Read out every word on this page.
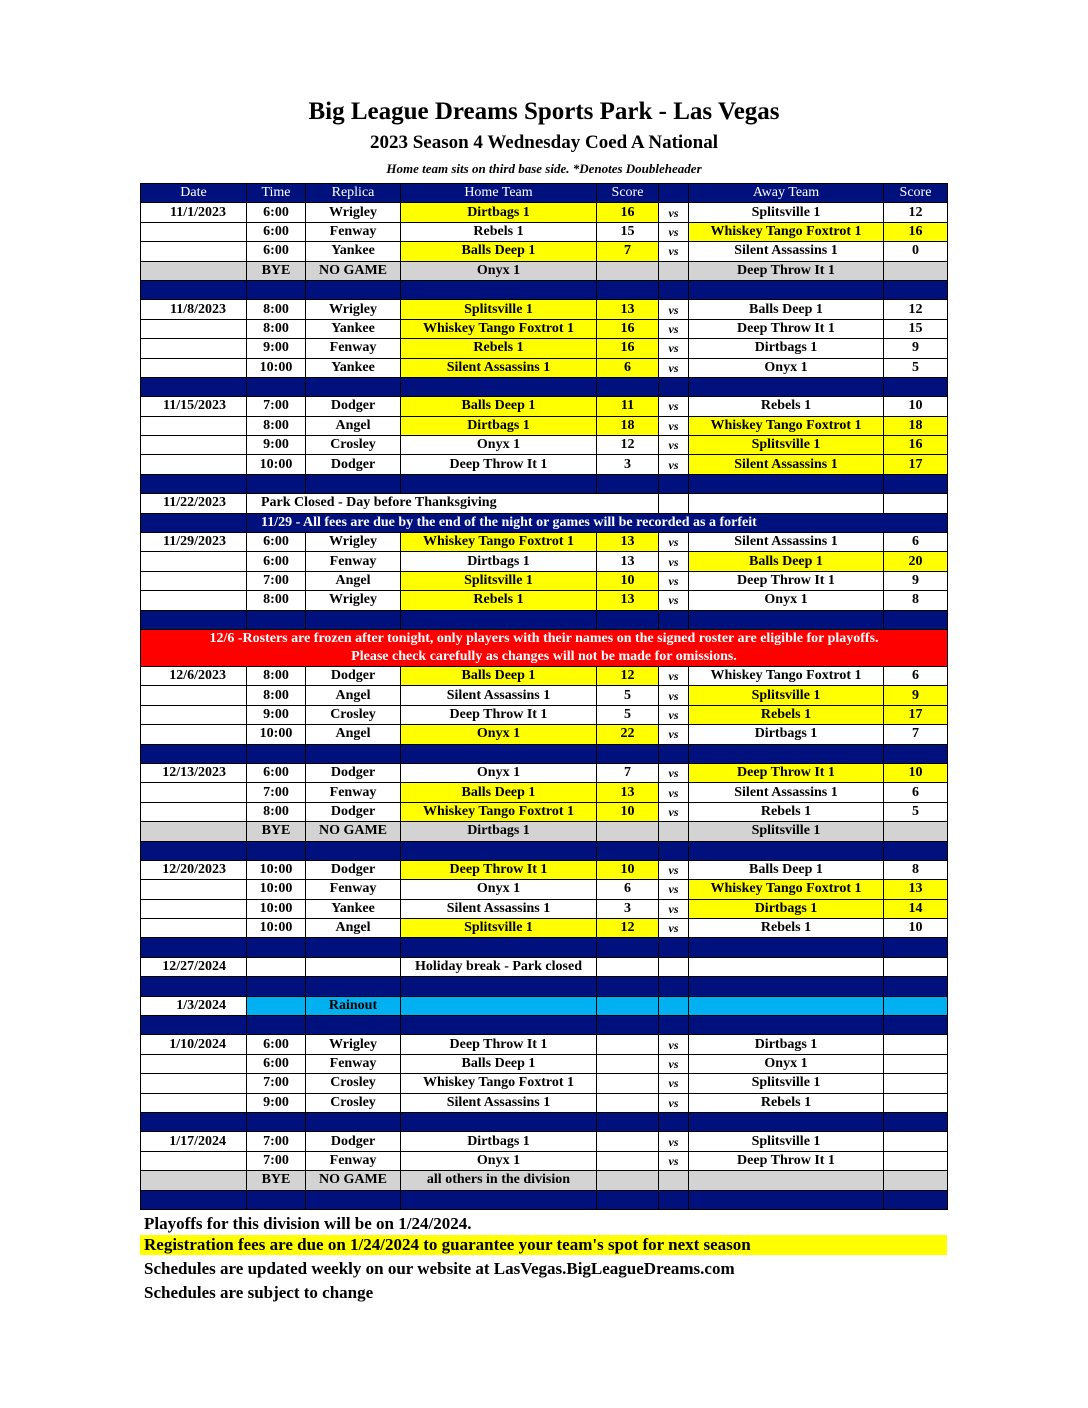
Big League Dreams Sports Park - Las Vegas
2023 Season 4 Wednesday Coed A National
Home team sits on third base side. *Denotes Doubleheader
Date	Time	Replica	Home Team	Score		Away Team	Score
11/1/2023	6:00	Wrigley	Dirtbags 1	16	vs	Splitsville 1	12
	6:00	Fenway	Rebels 1	15	vs	Whiskey Tango Foxtrot 1	16
	6:00	Yankee	Balls Deep 1	7	vs	Silent Assassins 1	0
	BYE	NO GAME	Onyx 1			Deep Throw It 1	

11/8/2023	8:00	Wrigley	Splitsville 1	13	vs	Balls Deep 1	12
	8:00	Yankee	Whiskey Tango Foxtrot 1	16	vs	Deep Throw It 1	15
	9:00	Fenway	Rebels 1	16	vs	Dirtbags 1	9
	10:00	Yankee	Silent Assassins 1	6	vs	Onyx 1	5

11/15/2023	7:00	Dodger	Balls Deep 1	11	vs	Rebels 1	10
	8:00	Angel	Dirtbags 1	18	vs	Whiskey Tango Foxtrot 1	18
	9:00	Crosley	Onyx 1	12	vs	Splitsville 1	16
	10:00	Dodger	Deep Throw It 1	3	vs	Silent Assassins 1	17

11/22/2023	Park Closed - Day before Thanksgiving						
	11/29 - All fees are due by the end of the night or games will be recorded as a forfeit						
11/29/2023	6:00	Wrigley	Whiskey Tango Foxtrot 1	13	vs	Silent Assassins 1	6
	6:00	Fenway	Dirtbags 1	13	vs	Balls Deep 1	20
	7:00	Angel	Splitsville 1	10	vs	Deep Throw It 1	9
	8:00	Wrigley	Rebels 1	13	vs	Onyx 1	8

12/6 -Rosters are frozen after tonight, only players with their names on the signed roster are eligible for playoffs.
Please check carefully as changes will not be made for omissions.							

12/6/2023	8:00	Dodger	Balls Deep 1	12	vs	Whiskey Tango Foxtrot 1	6
	8:00	Angel	Silent Assassins 1	5	vs	Splitsville 1	9
	9:00	Crosley	Deep Throw It 1	5	vs	Rebels 1	17
	10:00	Angel	Onyx 1	22	vs	Dirtbags 1	7

12/13/2023	6:00	Dodger	Onyx 1	7	vs	Deep Throw It 1	10
	7:00	Fenway	Balls Deep 1	13	vs	Silent Assassins 1	6
	8:00	Dodger	Whiskey Tango Foxtrot 1	10	vs	Rebels 1	5
	BYE	NO GAME	Dirtbags 1			Splitsville 1	

12/20/2023	10:00	Dodger	Deep Throw It 1	10	vs	Balls Deep 1	8
	10:00	Fenway	Onyx 1	6	vs	Whiskey Tango Foxtrot 1	13
	10:00	Yankee	Silent Assassins 1	3	vs	Dirtbags 1	14
	10:00	Angel	Splitsville 1	12	vs	Rebels 1	10

12/27/2024			Holiday break - Park closed				

1/3/2024		Rainout					

1/10/2024	6:00	Wrigley	Deep Throw It 1		vs	Dirtbags 1	
	6:00	Fenway	Balls Deep 1		vs	Onyx 1	
	7:00	Crosley	Whiskey Tango Foxtrot 1		vs	Splitsville 1	
	9:00	Crosley	Silent Assassins 1		vs	Rebels 1	

1/17/2024	7:00	Dodger	Dirtbags 1		vs	Splitsville 1	
	7:00	Fenway	Onyx 1		vs	Deep Throw It 1	
	BYE	NO GAME	all others in the division				

Playoffs for this division will be on 1/24/2024.
Registration fees are due on 1/24/2024 to guarantee your team's spot for next season
Schedules are updated weekly on our website at LasVegas.BigLeagueDreams.com
Schedules are subject to change
